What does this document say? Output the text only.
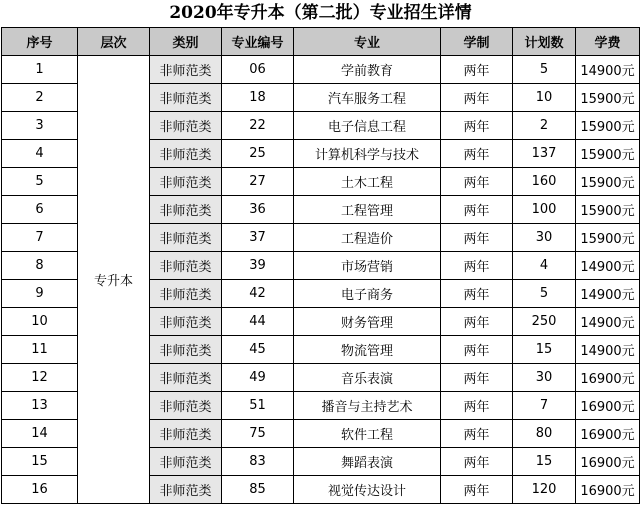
2020年专升本（第二批）专业招生详情
序号	层次	类别	专业编号	专业	学制	计划数	学费
1	专升本	非师范类	06	学前教育	两年	5	14900元
2		非师范类	18	汽车服务工程	两年	10	15900元
3		非师范类	22	电子信息工程	两年	2	15900元
4		非师范类	25	计算机科学与技术	两年	137	15900元
5		非师范类	27	土木工程	两年	160	15900元
6		非师范类	36	工程管理	两年	100	15900元
7		非师范类	37	工程造价	两年	30	15900元
8		非师范类	39	市场营销	两年	4	14900元
9		非师范类	42	电子商务	两年	5	14900元
10		非师范类	44	财务管理	两年	250	14900元
11		非师范类	45	物流管理	两年	15	14900元
12		非师范类	49	音乐表演	两年	30	16900元
13		非师范类	51	播音与主持艺术	两年	7	16900元
14		非师范类	75	软件工程	两年	80	16900元
15		非师范类	83	舞蹈表演	两年	15	16900元
16		非师范类	85	视觉传达设计	两年	120	16900元
